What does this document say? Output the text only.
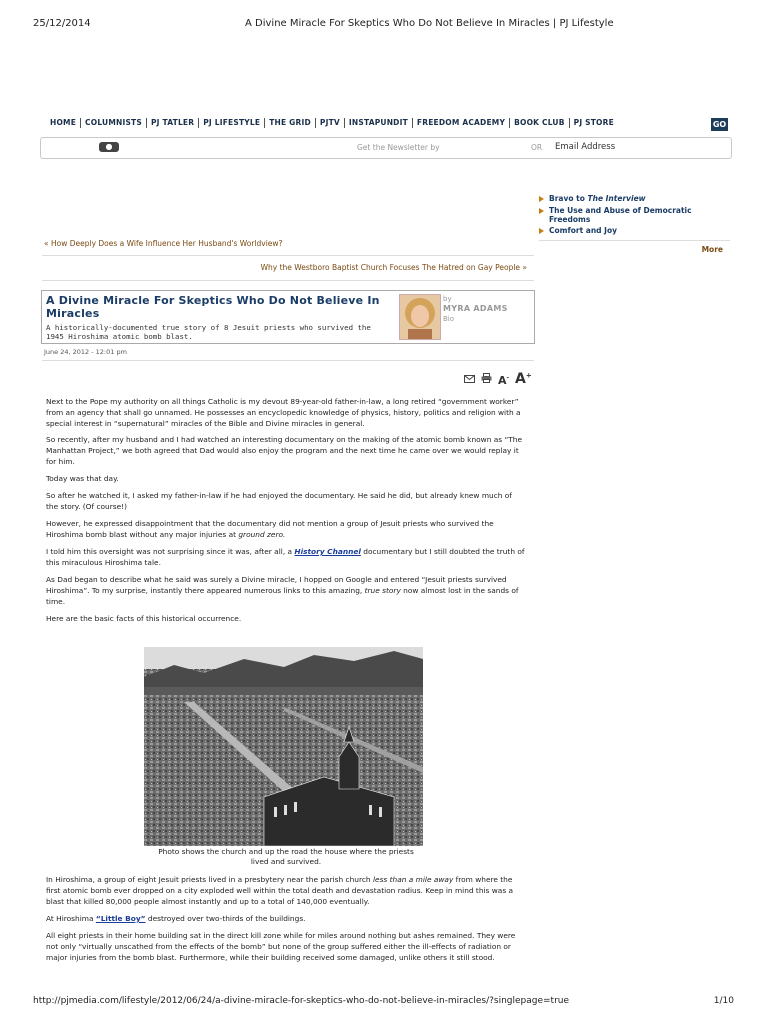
25/12/2014	A Divine Miracle For Skeptics Who Do Not Believe In Miracles | PJ Lifestyle
HOME	COLUMNISTS	PJ TATLER	PJ LIFESTYLE	THE GRID	PJTV	INSTAPUNDIT	FREEDOM ACADEMY	BOOK CLUB	PJ STORE	GO
●	Get the Newsletter by	OR Email Address
Bravo to The Interview
The Use and Abuse of Democratic Freedoms
Comfort and Joy
More
« How Deeply Does a Wife Influence Her Husband's Worldview?
Why the Westboro Baptist Church Focuses The Hatred on Gay People »
A Divine Miracle For Skeptics Who Do Not Believe In Miracles
A historically-documented true story of 8 Jesuit priests who survived the 1945 Hiroshima atomic bomb blast.
by
MYRA ADAMS
Bio
June 24, 2012 - 12:01 pm
A- A+
Next to the Pope my authority on all things Catholic is my devout 89-year-old father-in-law, a long retired “government worker” from an agency that shall go unnamed. He possesses an encyclopedic knowledge of physics, history, politics and religion with a special interest in “supernatural” miracles of the Bible and Divine miracles in general.
So recently, after my husband and I had watched an interesting documentary on the making of the atomic bomb known as “The Manhattan Project,” we both agreed that Dad would also enjoy the program and the next time he came over we would replay it for him.
Today was that day.
So after he watched it, I asked my father-in-law if he had enjoyed the documentary. He said he did, but already knew much of the story. (Of course!)
However, he expressed disappointment that the documentary did not mention a group of Jesuit priests who survived the Hiroshima bomb blast without any major injuries at ground zero.
I told him this oversight was not surprising since it was, after all, a History Channel documentary but I still doubted the truth of this miraculous Hiroshima tale.
As Dad began to describe what he said was surely a Divine miracle, I hopped on Google and entered “Jesuit priests survived Hiroshima”. To my surprise, instantly there appeared numerous links to this amazing, true story now almost lost in the sands of time.
Here are the basic facts of this historical occurrence.
Photo shows the church and up the road the house where the priests lived and survived.
In Hiroshima, a group of eight Jesuit priests lived in a presbytery near the parish church less than a mile away from where the first atomic bomb ever dropped on a city exploded well within the total death and devastation radius. Keep in mind this was a blast that killed 80,000 people almost instantly and up to a total of 140,000 eventually.
At Hiroshima “Little Boy” destroyed over two-thirds of the buildings.
All eight priests in their home building sat in the direct kill zone while for miles around nothing but ashes remained. They were not only “virtually unscathed from the effects of the bomb” but none of the group suffered either the ill-effects of radiation or major injuries from the bomb blast. Furthermore, while their building received some damaged, unlike others it still stood.
http://pjmedia.com/lifestyle/2012/06/24/a-divine-miracle-for-skeptics-who-do-not-believe-in-miracles/?singlepage=true	1/10
